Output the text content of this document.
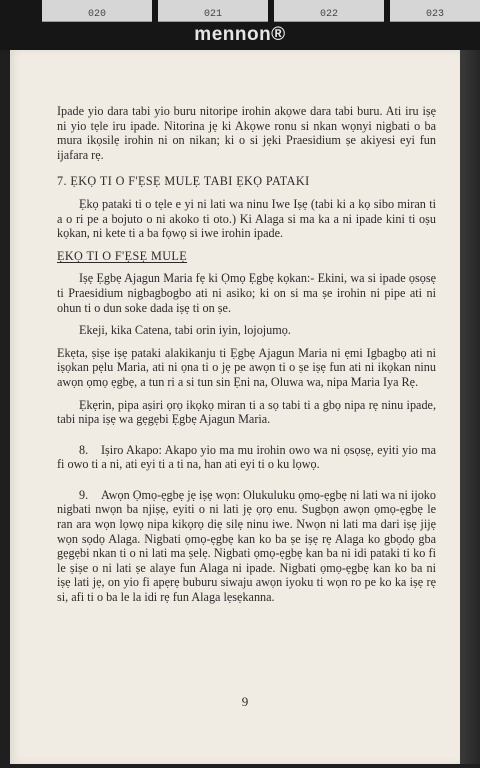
020	021	022	023
mennon®

Ipade yio dara tabi yio buru nitoripe irohin akọwe dara tabi buru. Ati iru iṣẹ ni yio tẹle iru ipade. Nitorina jẹ ki Akọwe ronu si nkan wọnyi nigbati o ba mura ikọsilẹ irohin ni on nikan; ki o si jẹki Praesidium ṣe akiyesi eyi fun ijafara rẹ.

7. ẸKỌ TI O F'ẸSẸ MULẸ TABI ẸKỌ PATAKI

Ẹkọ pataki ti o tẹle e yi ni lati wa ninu Iwe Iṣẹ (tabi ki a kọ sibo miran ti a o ri pe a bojuto o ni akoko ti oto.) Ki Alaga si ma ka a ni ipade kini ti oṣu kọkan, ni kete ti a ba fọwọ si iwe irohin ipade.

ẸKỌ TI O F'ẸSẸ MULẸ

Iṣẹ Ẹgbẹ Ajagun Maria fẹ ki Ọmọ Ẹgbẹ kọkan:- Ekini, wa si ipade ọsọsẹ ti Praesidium nigbagbogbo ati ni asiko; ki on si ma ṣe irohin ni pipe ati ni ohun ti o dun soke dada iṣẹ ti on ṣe.

Ekeji, kika Catena, tabi orin iyin, lojojumọ.

Ekẹta, ṣiṣe iṣẹ pataki alakikanju ti Ẹgbẹ Ajagun Maria ni ẹmi Igbagbọ ati ni iṣọkan pẹlu Maria, ati ni ọna ti o jẹ pe awọn ti o ṣe iṣẹ fun ati ni ikọkan ninu awọn ọmọ ẹgbẹ, a tun ri a si tun sin Ẹni na, Oluwa wa, nipa Maria Iya Rẹ.

Ẹkẹrin, pipa aṣiri ọrọ ikọkọ miran ti a sọ tabi ti a gbọ nipa rẹ ninu ipade, tabi nipa iṣẹ wa gẹgẹbi Ẹgbẹ Ajagun Maria.

8. Iṣiro Akapo: Akapo yio ma mu irohin owo wa ni ọsọsẹ, eyiti yio ma fi owo ti a ni, ati eyi ti a ti na, han ati eyi ti o ku lọwọ.

9. Awọn Ọmọ-ẹgbẹ jẹ iṣẹ wọn: Olukuluku ọmọ-ẹgbẹ ni lati wa ni ijoko nigbati nwọn ba njiṣẹ, eyiti o ni lati jẹ ọrọ enu. Sugbọn awọn ọmọ-ẹgbẹ le ran ara wọn lọwọ nipa kikọrọ diẹ silẹ ninu iwe. Nwọn ni lati ma dari iṣẹ jijẹ wọn sọdọ Alaga. Nigbati ọmọ-ẹgbẹ kan ko ba ṣe iṣẹ rẹ Alaga ko gbọdọ gba gẹgẹbi nkan ti o ni lati ma ṣelẹ. Nigbati ọmọ-ẹgbẹ kan ba ni idi pataki ti ko fi le ṣiṣe o ni lati ṣe alaye fun Alaga ni ipade. Nigbati ọmọ-ẹgbẹ kan ko ba ni iṣẹ lati jẹ, on yio fi apẹrẹ buburu siwaju awọn iyoku ti wọn ro pe ko ka iṣẹ rẹ si, afi ti o ba le la idi rẹ fun Alaga lẹsẹkanna.

9
